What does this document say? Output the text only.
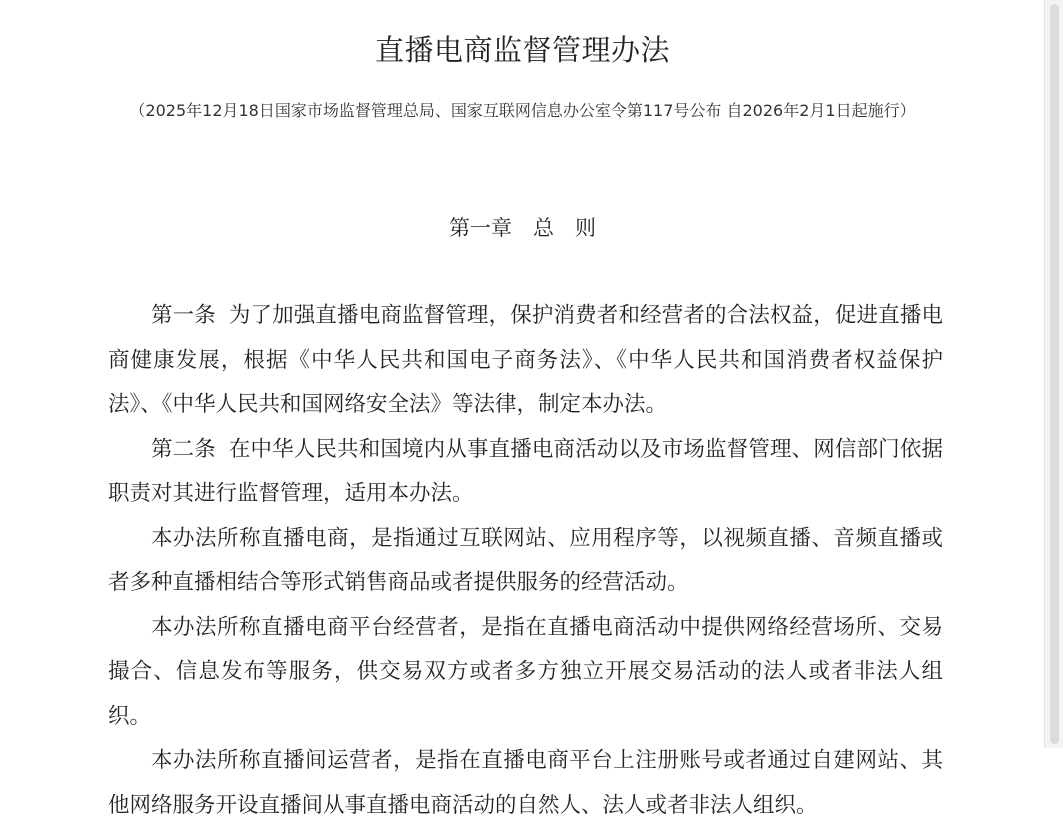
直播电商监督管理办法
（2025年12月18日国家市场监督管理总局、国家互联网信息办公室令第117号公布 自2026年2月1日起施行）
第一章　总　则

第一条 为了加强直播电商监督管理，保护消费者和经营者的合法权益，促进直播电商健康发展，根据《中华人民共和国电子商务法》、《中华人民共和国消费者权益保护法》、《中华人民共和国网络安全法》等法律，制定本办法。

第二条 在中华人民共和国境内从事直播电商活动以及市场监督管理、网信部门依据职责对其进行监督管理，适用本办法。

本办法所称直播电商，是指通过互联网站、应用程序等，以视频直播、音频直播或者多种直播相结合等形式销售商品或者提供服务的经营活动。

本办法所称直播电商平台经营者，是指在直播电商活动中提供网络经营场所、交易撮合、信息发布等服务，供交易双方或者多方独立开展交易活动的法人或者非法人组织。

本办法所称直播间运营者，是指在直播电商平台上注册账号或者通过自建网站、其他网络服务开设直播间从事直播电商活动的自然人、法人或者非法人组织。
